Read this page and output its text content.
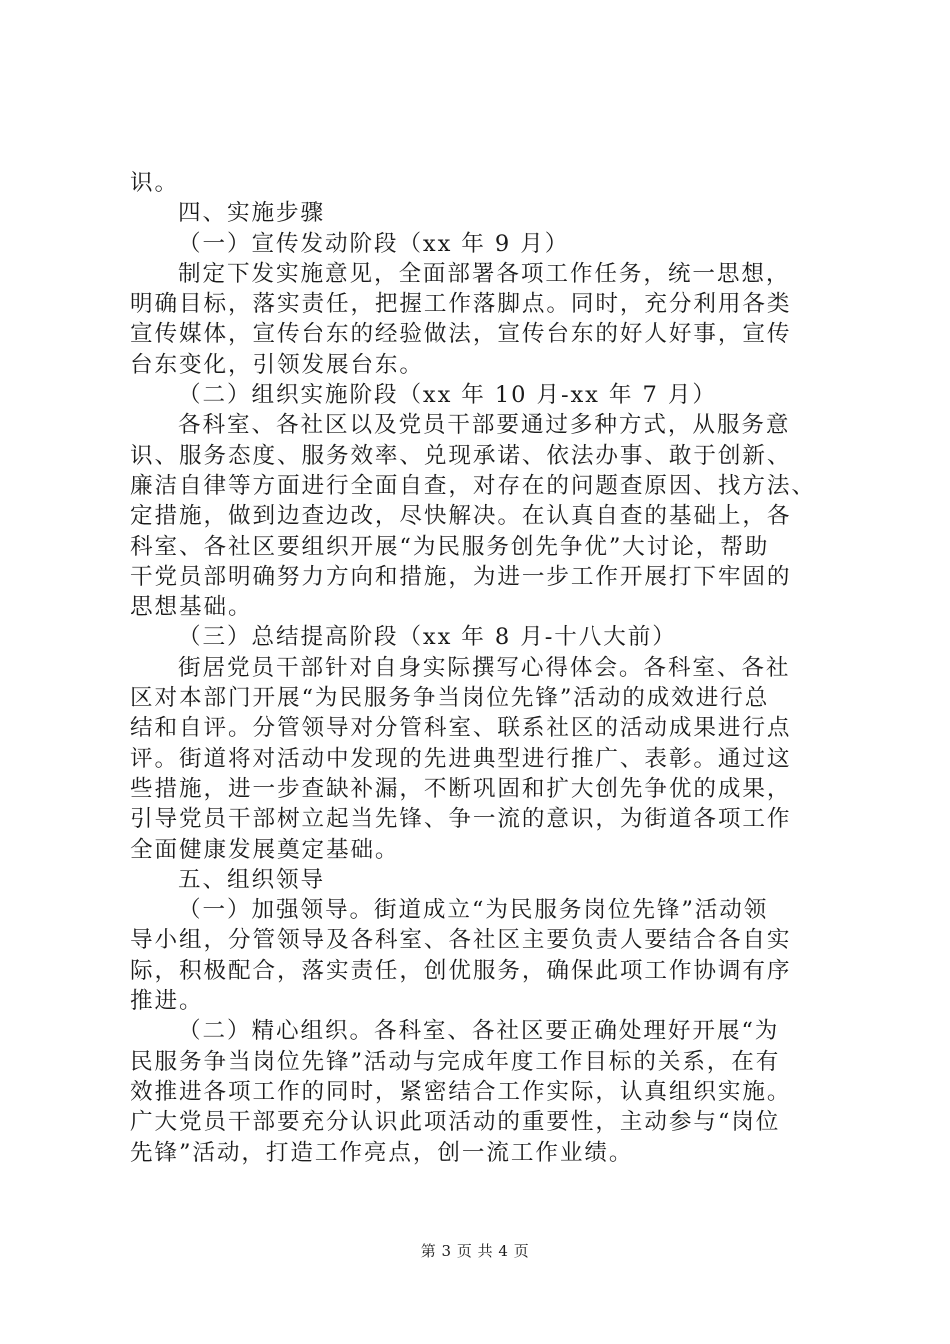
识。
四、实施步骤
（一）宣传发动阶段（xx 年 9 月）
制定下发实施意见，全面部署各项工作任务，统一思想，
明确目标，落实责任，把握工作落脚点。同时，充分利用各类
宣传媒体，宣传台东的经验做法，宣传台东的好人好事，宣传
台东变化，引领发展台东。
（二）组织实施阶段（xx 年 10 月-xx 年 7 月）
各科室、各社区以及党员干部要通过多种方式，从服务意
识、服务态度、服务效率、兑现承诺、依法办事、敢于创新、
廉洁自律等方面进行全面自查，对存在的问题查原因、找方法、
定措施，做到边查边改，尽快解决。在认真自查的基础上，各
科室、各社区要组织开展“为民服务创先争优”大讨论，帮助
干党员部明确努力方向和措施，为进一步工作开展打下牢固的
思想基础。
（三）总结提高阶段（xx 年 8 月-十八大前）
街居党员干部针对自身实际撰写心得体会。各科室、各社
区对本部门开展“为民服务争当岗位先锋”活动的成效进行总
结和自评。分管领导对分管科室、联系社区的活动成果进行点
评。街道将对活动中发现的先进典型进行推广、表彰。通过这
些措施，进一步查缺补漏，不断巩固和扩大创先争优的成果，
引导党员干部树立起当先锋、争一流的意识，为街道各项工作
全面健康发展奠定基础。
五、组织领导
（一）加强领导。街道成立“为民服务岗位先锋”活动领
导小组，分管领导及各科室、各社区主要负责人要结合各自实
际，积极配合，落实责任，创优服务，确保此项工作协调有序
推进。
（二）精心组织。各科室、各社区要正确处理好开展“为
民服务争当岗位先锋”活动与完成年度工作目标的关系，在有
效推进各项工作的同时，紧密结合工作实际，认真组织实施。
广大党员干部要充分认识此项活动的重要性，主动参与“岗位
先锋”活动，打造工作亮点，创一流工作业绩。
第 3 页 共 4 页
